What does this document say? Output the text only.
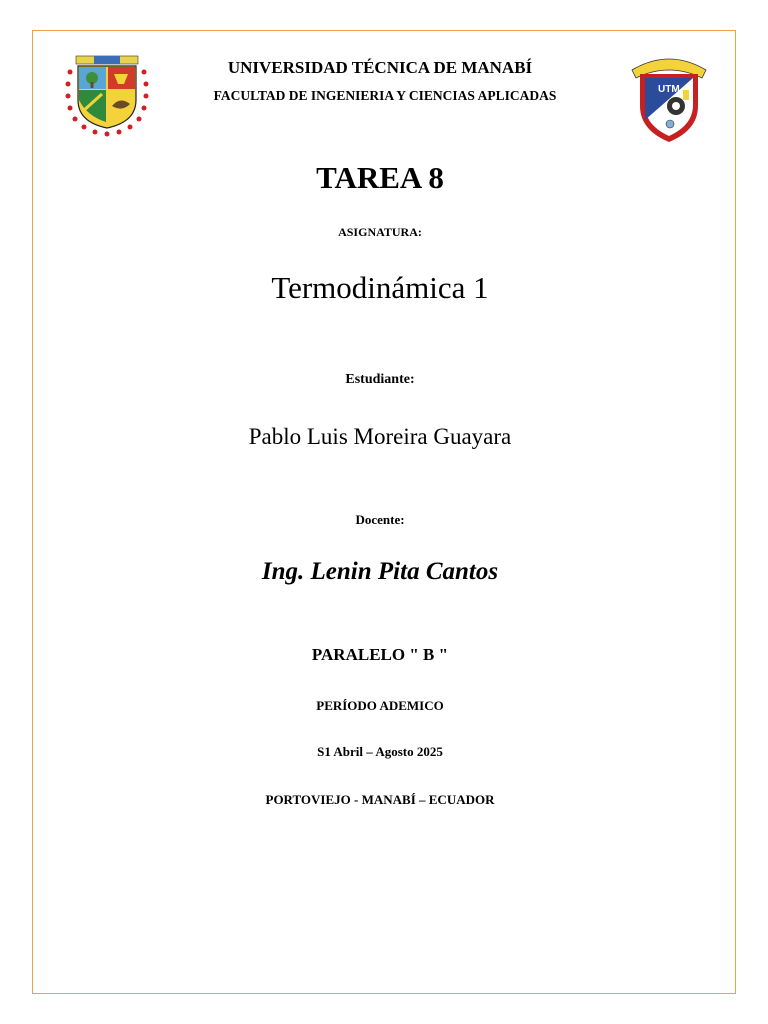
UTM
UNIVERSIDAD TÉCNICA DE MANABÍ
FACULTAD DE INGENIERIA Y CIENCIAS APLICADAS
TAREA 8
ASIGNATURA:
Termodinámica 1
Estudiante:
Pablo Luis Moreira Guayara
Docente:
Ing. Lenin Pita Cantos
PARALELO " B "
PERÍODO ADEMICO
S1 Abril – Agosto 2025
PORTOVIEJO - MANABÍ – ECUADOR
